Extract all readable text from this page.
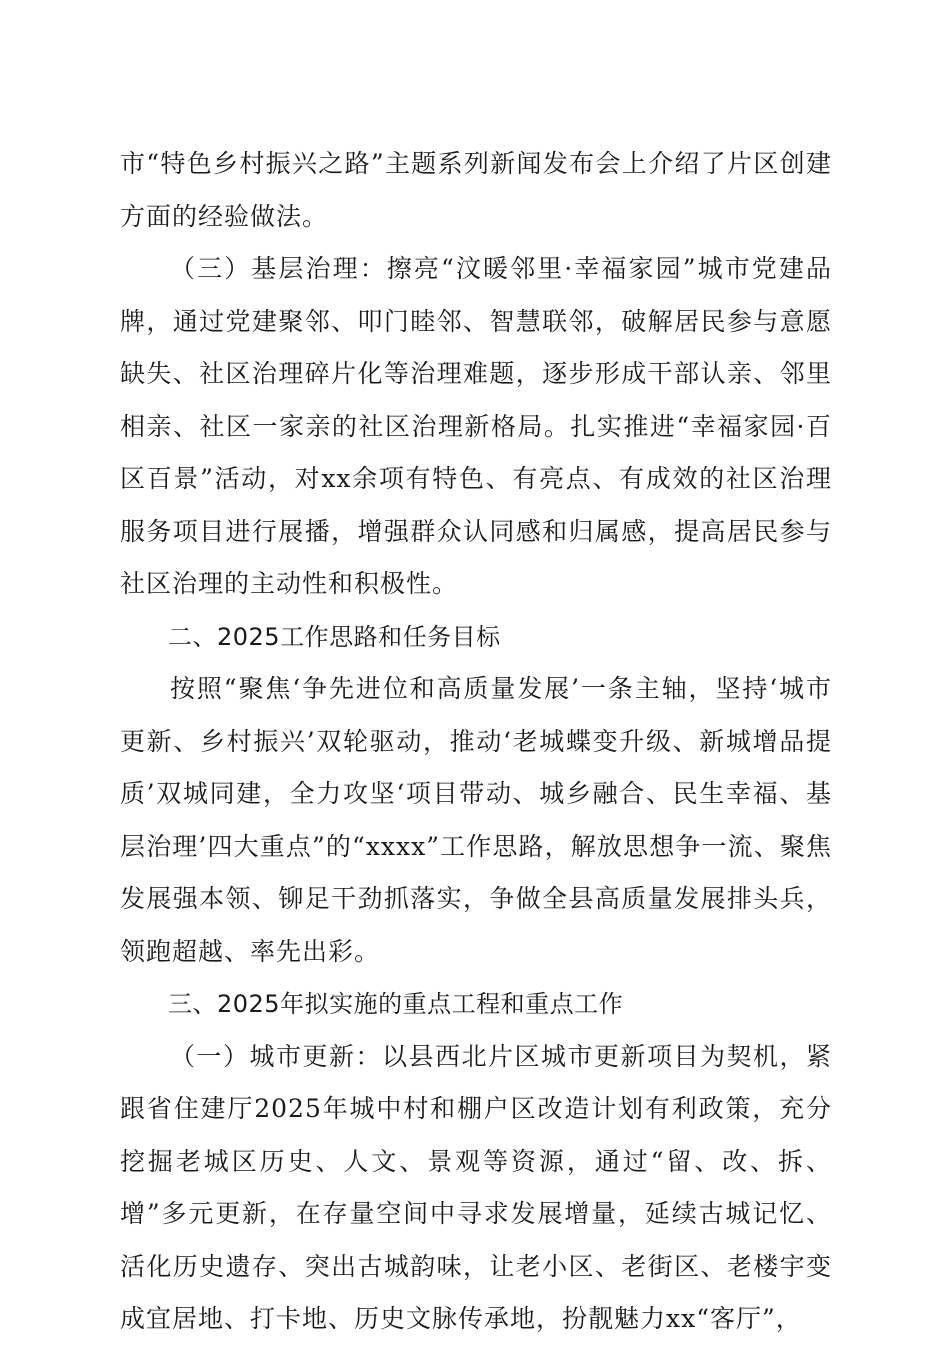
市“特色乡村振兴之路”主题系列新闻发布会上介绍了片区创建方面的经验做法。

（三）基层治理：擦亮“汶暖邻里·幸福家园”城市党建品牌，通过党建聚邻、叩门睦邻、智慧联邻，破解居民参与意愿缺失、社区治理碎片化等治理难题，逐步形成干部认亲、邻里相亲、社区一家亲的社区治理新格局。扎实推进“幸福家园·百区百景”活动，对xx余项有特色、有亮点、有成效的社区治理服务项目进行展播，增强群众认同感和归属感，提高居民参与社区治理的主动性和积极性。

二、2025工作思路和任务目标

按照“聚焦‘争先进位和高质量发展’一条主轴，坚持‘城市更新、乡村振兴’双轮驱动，推动‘老城蝶变升级、新城增品提质’双城同建，全力攻坚‘项目带动、城乡融合、民生幸福、基层治理’四大重点”的“xxxx”工作思路，解放思想争一流、聚焦发展强本领、铆足干劲抓落实，争做全县高质量发展排头兵，领跑超越、率先出彩。

三、2025年拟实施的重点工程和重点工作

（一）城市更新：以县西北片区城市更新项目为契机，紧跟省住建厅2025年城中村和棚户区改造计划有利政策，充分挖掘老城区历史、人文、景观等资源，通过“留、改、拆、增”多元更新，在存量空间中寻求发展增量，延续古城记忆、活化历史遗存、突出古城韵味，让老小区、老街区、老楼宇变成宜居地、打卡地、历史文脉传承地，扮靓魅力xx“客厅”，
